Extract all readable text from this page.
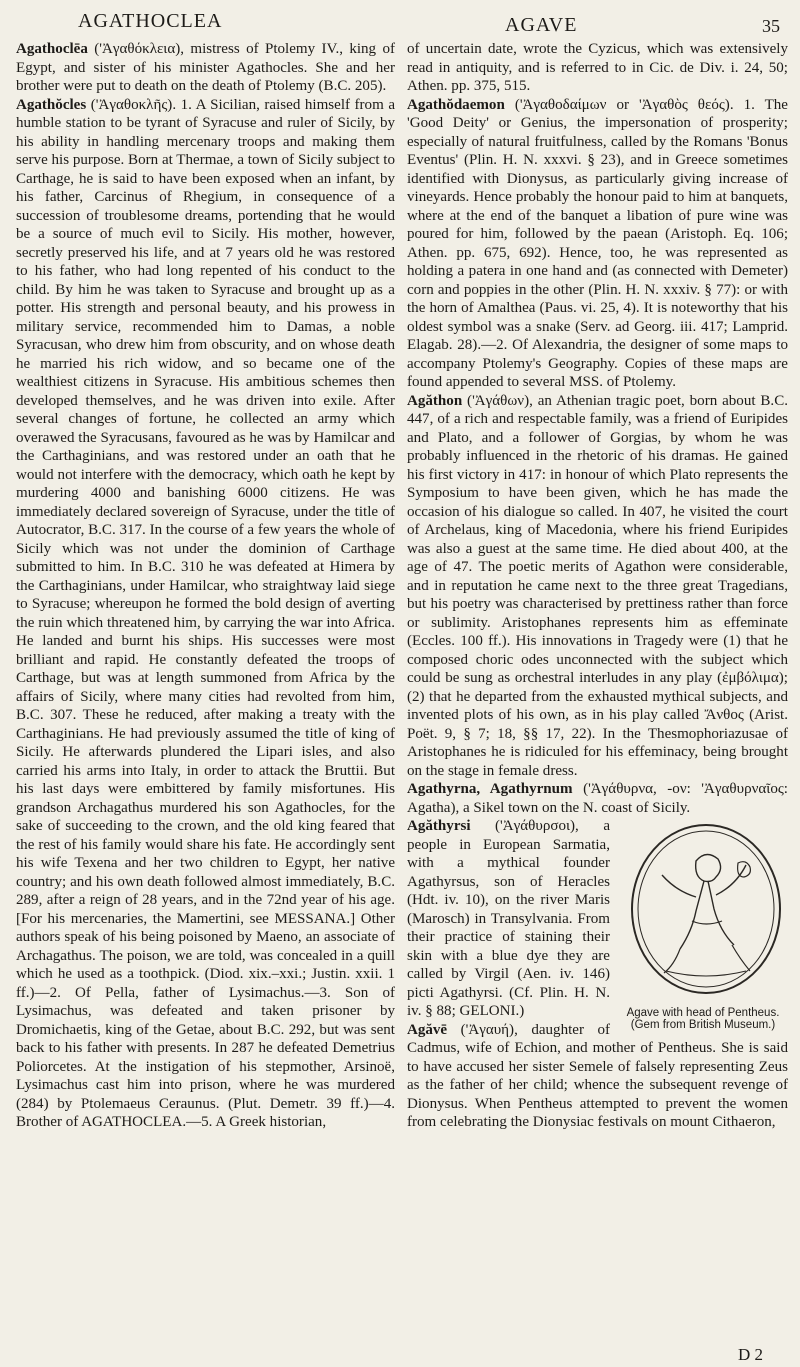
AGATHOCLEA	AGAVE	35

Agathoclēa ('Ἀγαθόκλεια), mistress of Ptolemy IV., king of Egypt, and sister of his minister Agathocles. She and her brother were put to death on the death of Ptolemy (B.C. 205).

Agathŏcles ('Ἀγαθοκλῆς). 1. A Sicilian, raised himself from a humble station to be tyrant of Syracuse and ruler of Sicily, by his ability in handling mercenary troops and making them serve his purpose. Born at Thermae, a town of Sicily subject to Carthage, he is said to have been exposed when an infant, by his father, Carcinus of Rhegium, in consequence of a succession of troublesome dreams, portending that he would be a source of much evil to Sicily. His mother, however, secretly preserved his life, and at 7 years old he was restored to his father, who had long repented of his conduct to the child. By him he was taken to Syracuse and brought up as a potter. His strength and personal beauty, and his prowess in military service, recommended him to Damas, a noble Syracusan, who drew him from obscurity, and on whose death he married his rich widow, and so became one of the wealthiest citizens in Syracuse. His ambitious schemes then developed themselves, and he was driven into exile. After several changes of fortune, he collected an army which overawed the Syracusans, favoured as he was by Hamilcar and the Carthaginians, and was restored under an oath that he would not interfere with the democracy, which oath he kept by murdering 4000 and banishing 6000 citizens. He was immediately declared sovereign of Syracuse, under the title of Autocrator, B.C. 317. In the course of a few years the whole of Sicily which was not under the dominion of Carthage submitted to him. In B.C. 310 he was defeated at Himera by the Carthaginians, under Hamilcar, who straightway laid siege to Syracuse; whereupon he formed the bold design of averting the ruin which threatened him, by carrying the war into Africa. He landed and burnt his ships. His successes were most brilliant and rapid. He constantly defeated the troops of Carthage, but was at length summoned from Africa by the affairs of Sicily, where many cities had revolted from him, B.C. 307. These he reduced, after making a treaty with the Carthaginians. He had previously assumed the title of king of Sicily. He afterwards plundered the Lipari isles, and also carried his arms into Italy, in order to attack the Bruttii. But his last days were embittered by family misfortunes. His grandson Archagathus murdered his son Agathocles, for the sake of succeeding to the crown, and the old king feared that the rest of his family would share his fate. He accordingly sent his wife Texena and her two children to Egypt, her native country; and his own death followed almost immediately, B.C. 289, after a reign of 28 years, and in the 72nd year of his age. [For his mercenaries, the Mamertini, see MESSANA.] Other authors speak of his being poisoned by Maeno, an associate of Archagathus. The poison, we are told, was concealed in a quill which he used as a toothpick. (Diod. xix.–xxi.; Justin. xxii. 1 ff.)—2. Of Pella, father of Lysimachus.—3. Son of Lysimachus, was defeated and taken prisoner by Dromichaetis, king of the Getae, about B.C. 292, but was sent back to his father with presents. In 287 he defeated Demetrius Poliorcetes. At the instigation of his stepmother, Arsinoë, Lysimachus cast him into prison, where he was murdered (284) by Ptolemaeus Ceraunus. (Plut. Demetr. 39 ff.)—4. Brother of AGATHOCLEA.—5. A Greek historian,

of uncertain date, wrote the Cyzicus, which was extensively read in antiquity, and is referred to in Cic. de Div. i. 24, 50; Athen. pp. 375, 515.

Agathŏdaemon ('Ἀγαθοδαίμων or 'Ἀγαθὸς θεός). 1. The 'Good Deity' or Genius, the impersonation of prosperity; especially of natural fruitfulness, called by the Romans 'Bonus Eventus' (Plin. H. N. xxxvi. § 23), and in Greece sometimes identified with Dionysus, as particularly giving increase of vineyards. Hence probably the honour paid to him at banquets, where at the end of the banquet a libation of pure wine was poured for him, followed by the paean (Aristoph. Eq. 106; Athen. pp. 675, 692). Hence, too, he was represented as holding a patera in one hand and (as connected with Demeter) corn and poppies in the other (Plin. H. N. xxxiv. § 77): or with the horn of Amalthea (Paus. vi. 25, 4). It is noteworthy that his oldest symbol was a snake (Serv. ad Georg. iii. 417; Lamprid. Elagab. 28).—2. Of Alexandria, the designer of some maps to accompany Ptolemy's Geography. Copies of these maps are found appended to several MSS. of Ptolemy.

Agăthon ('Ἀγάθων), an Athenian tragic poet, born about B.C. 447, of a rich and respectable family, was a friend of Euripides and Plato, and a follower of Gorgias, by whom he was probably influenced in the rhetoric of his dramas. He gained his first victory in 417: in honour of which Plato represents the Symposium to have been given, which he has made the occasion of his dialogue so called. In 407, he visited the court of Archelaus, king of Macedonia, where his friend Euripides was also a guest at the same time. He died about 400, at the age of 47. The poetic merits of Agathon were considerable, and in reputation he came next to the three great Tragedians, but his poetry was characterised by prettiness rather than force or sublimity. Aristophanes represents him as effeminate (Eccles. 100 ff.). His innovations in Tragedy were (1) that he composed choric odes unconnected with the subject which could be sung as orchestral interludes in any play (ἐμβόλιμα); (2) that he departed from the exhausted mythical subjects, and invented plots of his own, as in his play called Ἄνθος (Arist. Poët. 9, § 7; 18, §§ 17, 22). In the Thesmophoriazusae of Aristophanes he is ridiculed for his effeminacy, being brought on the stage in female dress.

Agathyrna, Agathyrnum ('Ἀγάθυρνα, -ον: 'Ἀγαθυρναῖος: Agatha), a Sikel town on the N. coast of Sicily.

Agave with head of Pentheus. (Gem from British Museum.)

Agăthyrsi ('Ἀγάθυρσοι), a people in European Sarmatia, with a mythical founder Agathyrsus, son of Heracles (Hdt. iv. 10), on the river Maris (Marosch) in Transylvania. From their practice of staining their skin with a blue dye they are called by Virgil (Aen. iv. 146) picti Agathyrsi. (Cf. Plin. H. N. iv. § 88; GELONI.)

Agăvē ('Ἀγαυή), daughter of Cadmus, wife of Echion, and mother of Pentheus. She is said to have accused her sister Semele of falsely representing Zeus as the father of her child; whence the subsequent revenge of Dionysus. When Pentheus attempted to prevent the women from celebrating the Dionysiac festivals on mount Cithaeron,

D 2
